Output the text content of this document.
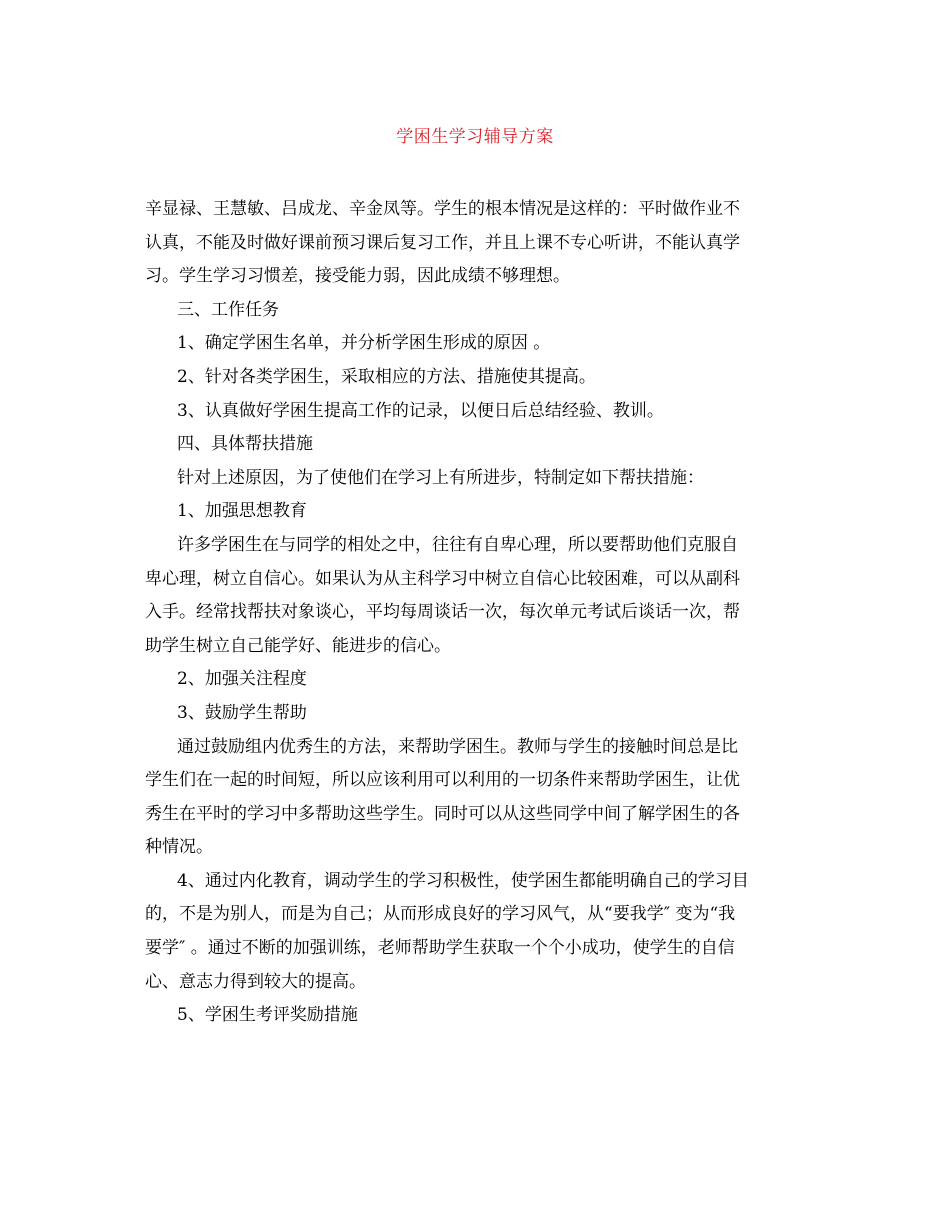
学困生学习辅导方案

辛显禄、王慧敏、吕成龙、辛金凤等。学生的根本情况是这样的：平时做作业不

认真，不能及时做好课前预习课后复习工作，并且上课不专心听讲，不能认真学

习。学生学习习惯差，接受能力弱，因此成绩不够理想。

三、工作任务

1、确定学困生名单，并分析学困生形成的原因 。

2、针对各类学困生，采取相应的方法、措施使其提高。

3、认真做好学困生提高工作的记录，以便日后总结经验、教训。

四、具体帮扶措施

针对上述原因，为了使他们在学习上有所进步，特制定如下帮扶措施：

1、加强思想教育

许多学困生在与同学的相处之中，往往有自卑心理，所以要帮助他们克服自

卑心理，树立自信心。如果认为从主科学习中树立自信心比较困难，可以从副科

入手。经常找帮扶对象谈心，平均每周谈话一次，每次单元考试后谈话一次，帮

助学生树立自己能学好、能进步的信心。

2、加强关注程度

3、鼓励学生帮助

通过鼓励组内优秀生的方法，来帮助学困生。教师与学生的接触时间总是比

学生们在一起的时间短，所以应该利用可以利用的一切条件来帮助学困生，让优

秀生在平时的学习中多帮助这些学生。同时可以从这些同学中间了解学困生的各

种情况。

4、通过内化教育，调动学生的学习积极性，使学困生都能明确自己的学习目

的，不是为别人，而是为自己；从而形成良好的学习风气，从“要我学″ 变为“我

要学″ 。通过不断的加强训练，老师帮助学生获取一个个小成功，使学生的自信

心、意志力得到较大的提高。

5、学困生考评奖励措施
